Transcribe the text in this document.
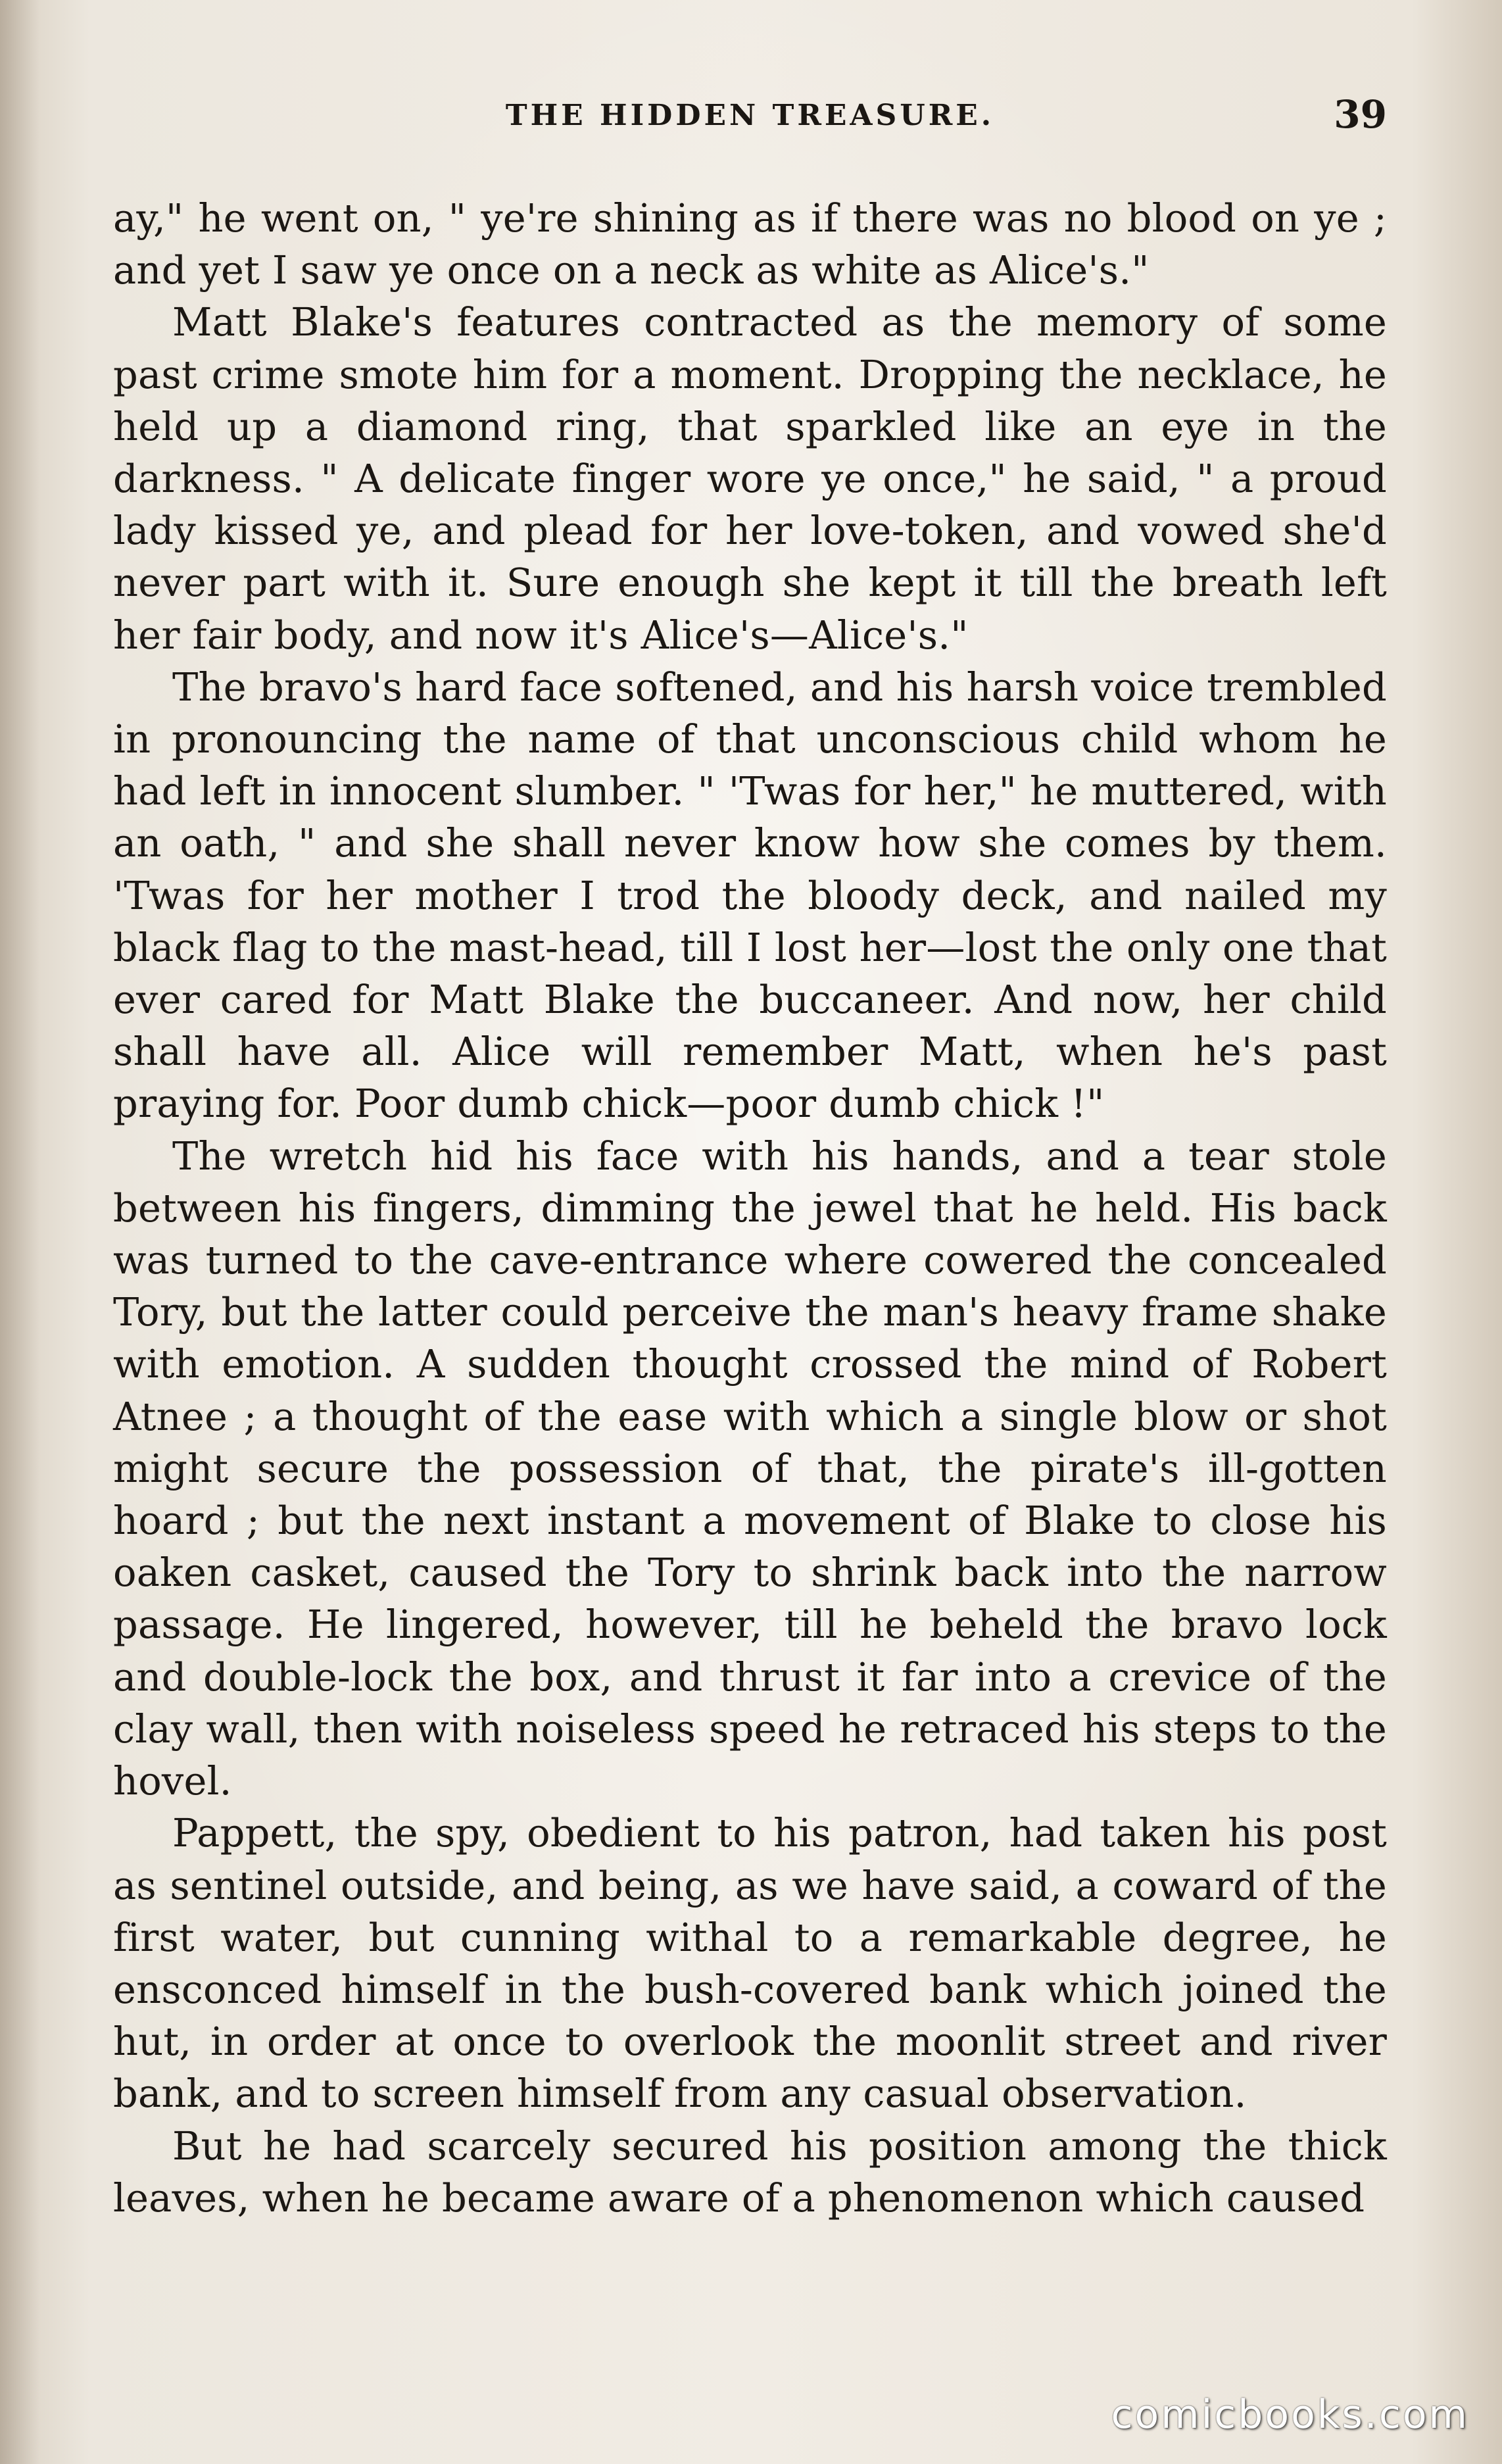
THE HIDDEN TREASURE.	39

ay," he went on, " ye're shining as if there was no blood on ye ; and yet I saw ye once on a neck as white as Alice's."

Matt Blake's features contracted as the memory of some past crime smote him for a moment. Dropping the necklace, he held up a diamond ring, that sparkled like an eye in the darkness. " A delicate finger wore ye once," he said, " a proud lady kissed ye, and plead for her love-token, and vowed she'd never part with it. Sure enough she kept it till the breath left her fair body, and now it's Alice's—Alice's."

The bravo's hard face softened, and his harsh voice trembled in pronouncing the name of that unconscious child whom he had left in innocent slumber. " 'Twas for her," he muttered, with an oath, " and she shall never know how she comes by them. 'Twas for her mother I trod the bloody deck, and nailed my black flag to the mast-head, till I lost her—lost the only one that ever cared for Matt Blake the buccaneer. And now, her child shall have all. Alice will remember Matt, when he's past praying for. Poor dumb chick—poor dumb chick !"

The wretch hid his face with his hands, and a tear stole between his fingers, dimming the jewel that he held. His back was turned to the cave-entrance where cowered the concealed Tory, but the latter could perceive the man's heavy frame shake with emotion. A sudden thought crossed the mind of Robert Atnee ; a thought of the ease with which a single blow or shot might secure the possession of that, the pirate's ill-gotten hoard ; but the next instant a movement of Blake to close his oaken casket, caused the Tory to shrink back into the narrow passage. He lingered, however, till he beheld the bravo lock and double-lock the box, and thrust it far into a crevice of the clay wall, then with noiseless speed he retraced his steps to the hovel.

Pappett, the spy, obedient to his patron, had taken his post as sentinel outside, and being, as we have said, a coward of the first water, but cunning withal to a remarkable degree, he ensconced himself in the bush-covered bank which joined the hut, in order at once to overlook the moonlit street and river bank, and to screen himself from any casual observation.

But he had scarcely secured his position among the thick leaves, when he became aware of a phenomenon which caused

comicbooks.com
